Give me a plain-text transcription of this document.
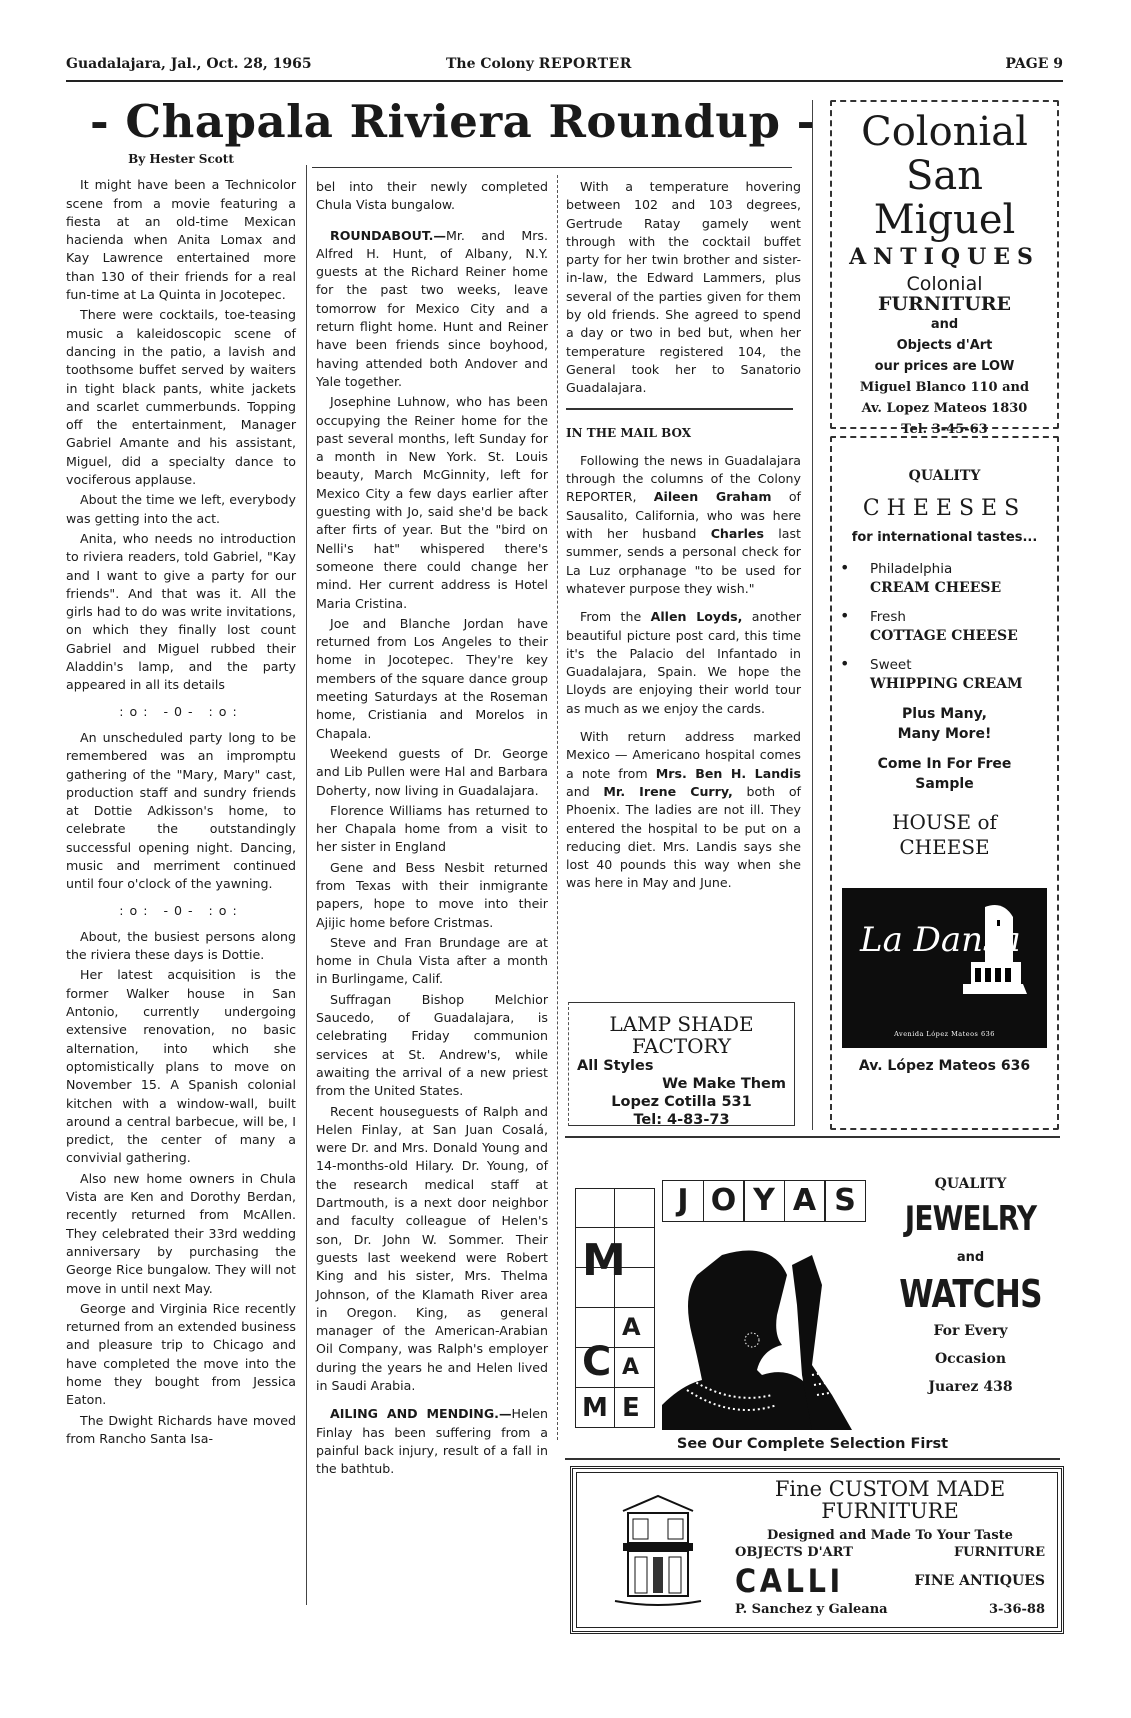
Guadalajara, Jal., Oct. 28, 1965	The Colony REPORTER	PAGE 9
- Chapala Riviera Roundup -

By Hester Scott

It might have been a Technicolor scene from a movie featuring a fiesta at an old-time Mexican hacienda when Anita Lomax and Kay Lawrence entertained more than 130 of their friends for a real fun-time at La Quinta in Jocotepec.

There were cocktails, toe-teasing music a kaleidoscopic scene of dancing in the patio, a lavish and toothsome buffet served by waiters in tight black pants, white jackets and scarlet cummerbunds. Topping off the entertainment, Manager Gabriel Amante and his assistant, Miguel, did a specialty dance to vociferous applause.

About the time we left, everybody was getting into the act.

Anita, who needs no introduction to riviera readers, told Gabriel, "Kay and I want to give a party for our friends". And that was it. All the girls had to do was write invitations, on which they finally lost count Gabriel and Miguel rubbed their Aladdin's lamp, and the party appeared in all its details

:o: -0- :o:

An unscheduled party long to be remembered was an impromptu gathering of the "Mary, Mary" cast, production staff and sundry friends at Dottie Adkisson's home, to celebrate the outstandingly successful opening night. Dancing, music and merriment continued until four o'clock of the yawning.

:o: -0- :o:

About, the busiest persons along the riviera these days is Dottie.

Her latest acquisition is the former Walker house in San Antonio, currently undergoing extensive renovation, no basic alternation, into which she optomistically plans to move on November 15. A Spanish colonial kitchen with a window-wall, built around a central barbecue, will be, I predict, the center of many a convivial gathering.

Also new home owners in Chula Vista are Ken and Dorothy Berdan, recently returned from McAllen. They celebrated their 33rd wedding anniversary by purchasing the George Rice bungalow. They will not move in until next May.

George and Virginia Rice recently returned from an extended business and pleasure trip to Chicago and have completed the move into the home they bought from Jessica Eaton.

The Dwight Richards have moved from Rancho Santa Isa-

bel into their newly completed Chula Vista bungalow.

ROUNDABOUT.—Mr. and Mrs. Alfred H. Hunt, of Albany, N.Y. guests at the Richard Reiner home for the past two weeks, leave tomorrow for Mexico City and a return flight home. Hunt and Reiner have been friends since boyhood, having attended both Andover and Yale together.

Josephine Luhnow, who has been occupying the Reiner home for the past several months, left Sunday for a month in New York. St. Louis beauty, March McGinnity, left for Mexico City a few days earlier after guesting with Jo, said she'd be back after firts of year. But the "bird on Nelli's hat" whispered there's someone there could change her mind. Her current address is Hotel Maria Cristina.

Joe and Blanche Jordan have returned from Los Angeles to their home in Jocotepec. They're key members of the square dance group meeting Saturdays at the Roseman home, Cristiania and Morelos in Chapala.

Weekend guests of Dr. George and Lib Pullen were Hal and Barbara Doherty, now living in Guadalajara.

Florence Williams has returned to her Chapala home from a visit to her sister in England

Gene and Bess Nesbit returned from Texas with their inmigrante papers, hope to move into their Ajijic home before Cristmas.

Steve and Fran Brundage are at home in Chula Vista after a month in Burlingame, Calif.

Suffragan Bishop Melchior Saucedo, of Guadalajara, is celebrating Friday communion services at St. Andrew's, while awaiting the arrival of a new priest from the United States.

Recent houseguests of Ralph and Helen Finlay, at San Juan Cosalá, were Dr. and Mrs. Donald Young and 14-months-old Hilary. Dr. Young, of the research medical staff at Dartmouth, is a next door neighbor and faculty colleague of Helen's son, Dr. John W. Sommer. Their guests last weekend were Robert King and his sister, Mrs. Thelma Johnson, of the Klamath River area in Oregon. King, as general manager of the American-Arabian Oil Company, was Ralph's employer during the years he and Helen lived in Saudi Arabia.

AILING AND MENDING.—Helen Finlay has been suffering from a painful back injury, result of a fall in the bathtub.

With a temperature hovering between 102 and 103 degrees, Gertrude Ratay gamely went through with the cocktail buffet party for her twin brother and sister-in-law, the Edward Lammers, plus several of the parties given for them by old friends. She agreed to spend a day or two in bed but, when her temperature registered 104, the General took her to Sanatorio Guadalajara.

IN THE MAIL BOX

Following the news in Guadalajara through the columns of the Colony REPORTER, Aileen Graham of Sausalito, California, who was here with her husband Charles last summer, sends a personal check for La Luz orphanage "to be used for whatever purpose they wish."

From the Allen Loyds, another beautiful picture post card, this time it's the Palacio del Infantado in Guadalajara, Spain. We hope the Lloyds are enjoying their world tour as much as we enjoy the cards.

With return address marked Mexico — Americano hospital comes a note from Mrs. Ben H. Landis and Mr. Irene Curry, both of Phoenix. The ladies are not ill. They entered the hospital to be put on a reducing diet. Mrs. Landis says she lost 40 pounds this way when she was here in May and June.

Colonial
San Miguel
ANTIQUES
Colonial
FURNITURE
and
Objects d'Art
our prices are LOW
Miguel Blanco 110 and
Av. Lopez Mateos 1830
Tel. 3-45-63
QUALITY
CHEESES
for international tastes...
• Philadelphia
CREAM CHEESE
• Fresh
COTTAGE CHEESE
• Sweet
WHIPPING CREAM
Plus Many, Many More!
Come In For Free Sample
HOUSE of CHEESE
La Dansa
Avenida López Mateos 636
Av. López Mateos 636
LAMP SHADE
FACTORY
All Styles
We Make Them
Lopez Cotilla 531
Tel: 4-83-73
M
A
C A
M E
J O Y A S	QUALITY
JEWELRY
and
WATCHS
For Every
Occasion
Juarez 438
See Our Complete Selection First
Fine CUSTOM MADE
FURNITURE
Designed and Made To Your Taste
OBJECTS D'ART	FURNITURE
CALLI	FINE ANTIQUES
P. Sanchez y Galeana	3-36-88
